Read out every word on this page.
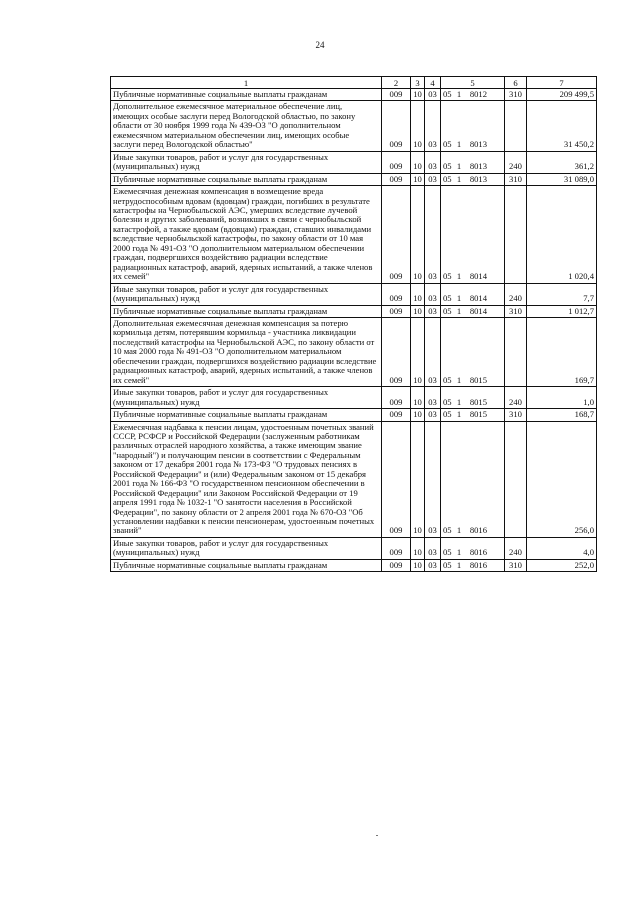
24
1	2	3	4	5	6	7
Публичные нормативные социальные выплаты гражданам	009	10	03	05 1 8012	310	209 499,5
Дополнительное ежемесячное материальное обеспечение лиц, имеющих особые заслуги перед Вологодской областью, по закону области от 30 ноября 1999 года № 439-ОЗ "О дополнительном ежемесячном материальном обеспечении лиц, имеющих особые заслуги перед Вологодской областью"	009	10	03	05 1 8013		31 450,2
Иные закупки товаров, работ и услуг для государственных (муниципальных) нужд	009	10	03	05 1 8013	240	361,2
Публичные нормативные социальные выплаты гражданам	009	10	03	05 1 8013	310	31 089,0
Ежемесячная денежная компенсация в возмещение вреда нетрудоспособным вдовам (вдовцам) граждан, погибших в результате катастрофы на Чернобыльской АЭС, умерших вследствие лучевой болезни и других заболеваний, возникших в связи с чернобыльской катастрофой, а также вдовам (вдовцам) граждан, ставших инвалидами вследствие чернобыльской катастрофы, по закону области от 10 мая 2000 года № 491-ОЗ "О дополнительном материальном обеспечении граждан, подвергшихся воздействию радиации вследствие радиационных катастроф, аварий, ядерных испытаний, а также членов их семей"	009	10	03	05 1 8014		1 020,4
Иные закупки товаров, работ и услуг для государственных (муниципальных) нужд	009	10	03	05 1 8014	240	7,7
Публичные нормативные социальные выплаты гражданам	009	10	03	05 1 8014	310	1 012,7
Дополнительная ежемесячная денежная компенсация за потерю кормильца детям, потерявшим кормильца - участника ликвидации последствий катастрофы на Чернобыльской АЭС, по закону области от 10 мая 2000 года № 491-ОЗ "О дополнительном материальном обеспечении граждан, подвергшихся воздействию радиации вследствие радиационных катастроф, аварий, ядерных испытаний, а также членов их семей"	009	10	03	05 1 8015		169,7
Иные закупки товаров, работ и услуг для государственных (муниципальных) нужд	009	10	03	05 1 8015	240	1,0
Публичные нормативные социальные выплаты гражданам	009	10	03	05 1 8015	310	168,7
Ежемесячная надбавка к пенсии лицам, удостоенным почетных званий СССР, РСФСР и Российской Федерации (заслуженным работникам различных отраслей народного хозяйства, а также имеющим звание "народный") и получающим пенсии в соответствии с Федеральным законом от 17 декабря 2001 года № 173-ФЗ "О трудовых пенсиях в Российской Федерации" и (или) Федеральным законом от 15 декабря 2001 года № 166-ФЗ "О государственном пенсионном обеспечении в Российской Федерации" или Законом Российской Федерации от 19 апреля 1991 года № 1032-1 "О занятости населения в Российской Федерации", по закону области от 2 апреля 2001 года № 670-ОЗ "Об установлении надбавки к пенсии пенсионерам, удостоенным почетных званий"	009	10	03	05 1 8016		256,0
Иные закупки товаров, работ и услуг для государственных (муниципальных) нужд	009	10	03	05 1 8016	240	4,0
Публичные нормативные социальные выплаты гражданам	009	10	03	05 1 8016	310	252,0
